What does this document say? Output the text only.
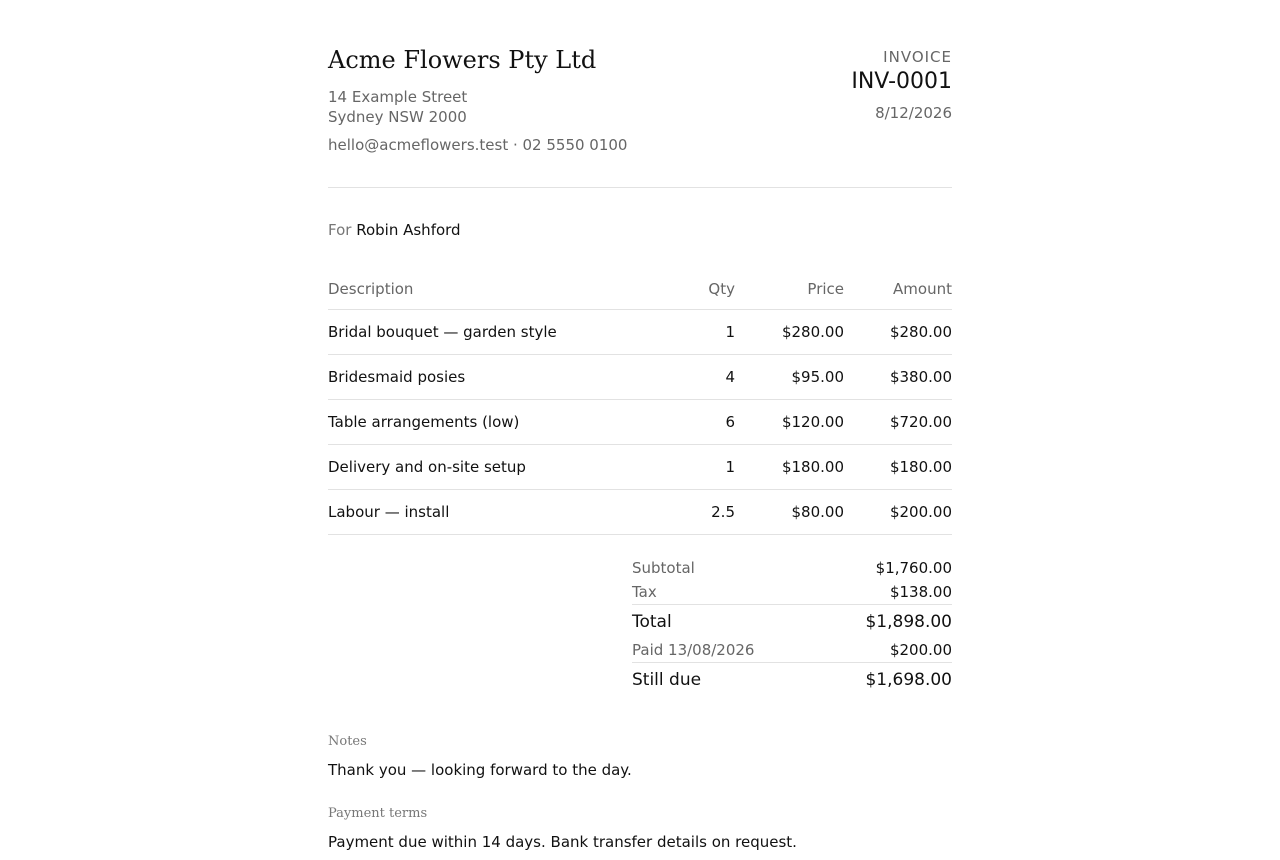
Acme Flowers Pty Ltd
14 Example Street
Sydney NSW 2000
hello@acmeflowers.test · 02 5550 0100
INVOICE
INV-0001
8/12/2026
For Robin Ashford
Description	Qty	Price	Amount
Bridal bouquet — garden style	1	$280.00	$280.00
Bridesmaid posies	4	$95.00	$380.00
Table arrangements (low)	6	$120.00	$720.00
Delivery and on-site setup	1	$180.00	$180.00
Labour — install	2.5	$80.00	$200.00
Subtotal	$1,760.00
Tax	$138.00
Total	$1,898.00
Paid 13/08/2026	$200.00
Still due	$1,698.00
Notes
Thank you — looking forward to the day.
Payment terms
Payment due within 14 days. Bank transfer details on request.
